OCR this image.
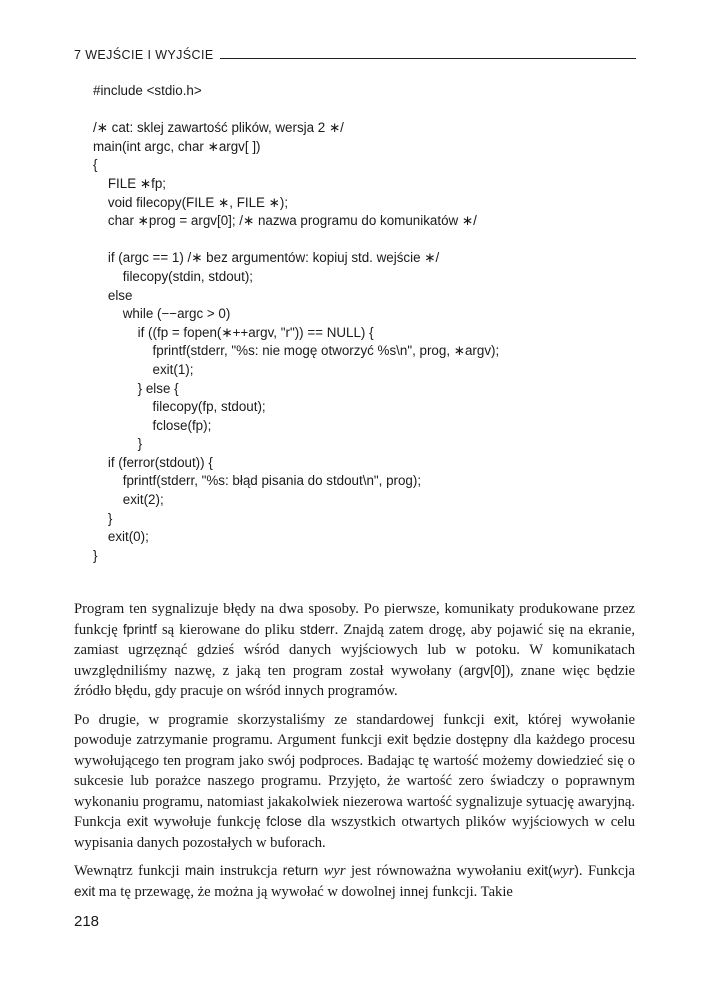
7 WEJŚCIE I WYJŚCIE
#include <stdio.h>
/∗ cat: sklej zawartość plików, wersja 2 ∗/
main(int argc, char ∗argv[ ])
{
FILE ∗fp;
void filecopy(FILE ∗, FILE ∗);
char ∗prog = argv[0]; /∗ nazwa programu do komunikatów ∗/
if (argc == 1) /∗ bez argumentów: kopiuj std. wejście ∗/
filecopy(stdin, stdout);
else
while (−−argc > 0)
if ((fp = fopen(∗++argv, "r")) == NULL) {
fprintf(stderr, "%s: nie mogę otworzyć %s\n", prog, ∗argv);
exit(1);
} else {
filecopy(fp, stdout);
fclose(fp);
}
if (ferror(stdout)) {
fprintf(stderr, "%s: błąd pisania do stdout\n", prog);
exit(2);
}
exit(0);
}

Program ten sygnalizuje błędy na dwa sposoby. Po pierwsze, komunikaty produkowane przez funkcję fprintf są kierowane do pliku stderr. Znajdą zatem drogę, aby pojawić się na ekranie, zamiast ugrzęznąć gdzieś wśród danych wyjściowych lub w potoku. W komunikatach uwzględniliśmy nazwę, z jaką ten program został wywołany (argv[0]), znane więc będzie źródło błędu, gdy pracuje on wśród innych programów.

Po drugie, w programie skorzystaliśmy ze standardowej funkcji exit, której wywołanie powoduje zatrzymanie programu. Argument funkcji exit będzie dostępny dla każdego procesu wywołującego ten program jako swój podproces. Badając tę wartość możemy dowiedzieć się o sukcesie lub porażce naszego programu. Przyjęto, że wartość zero świadczy o poprawnym wykonaniu programu, natomiast jakakolwiek niezerowa wartość sygnalizuje sytuację awaryjną. Funkcja exit wywołuje funkcję fclose dla wszystkich otwartych plików wyjściowych w celu wypisania danych pozostałych w buforach.

Wewnątrz funkcji main instrukcja return wyr jest równoważna wywołaniu exit(wyr). Funkcja exit ma tę przewagę, że można ją wywołać w dowolnej innej funkcji. Takie

218
